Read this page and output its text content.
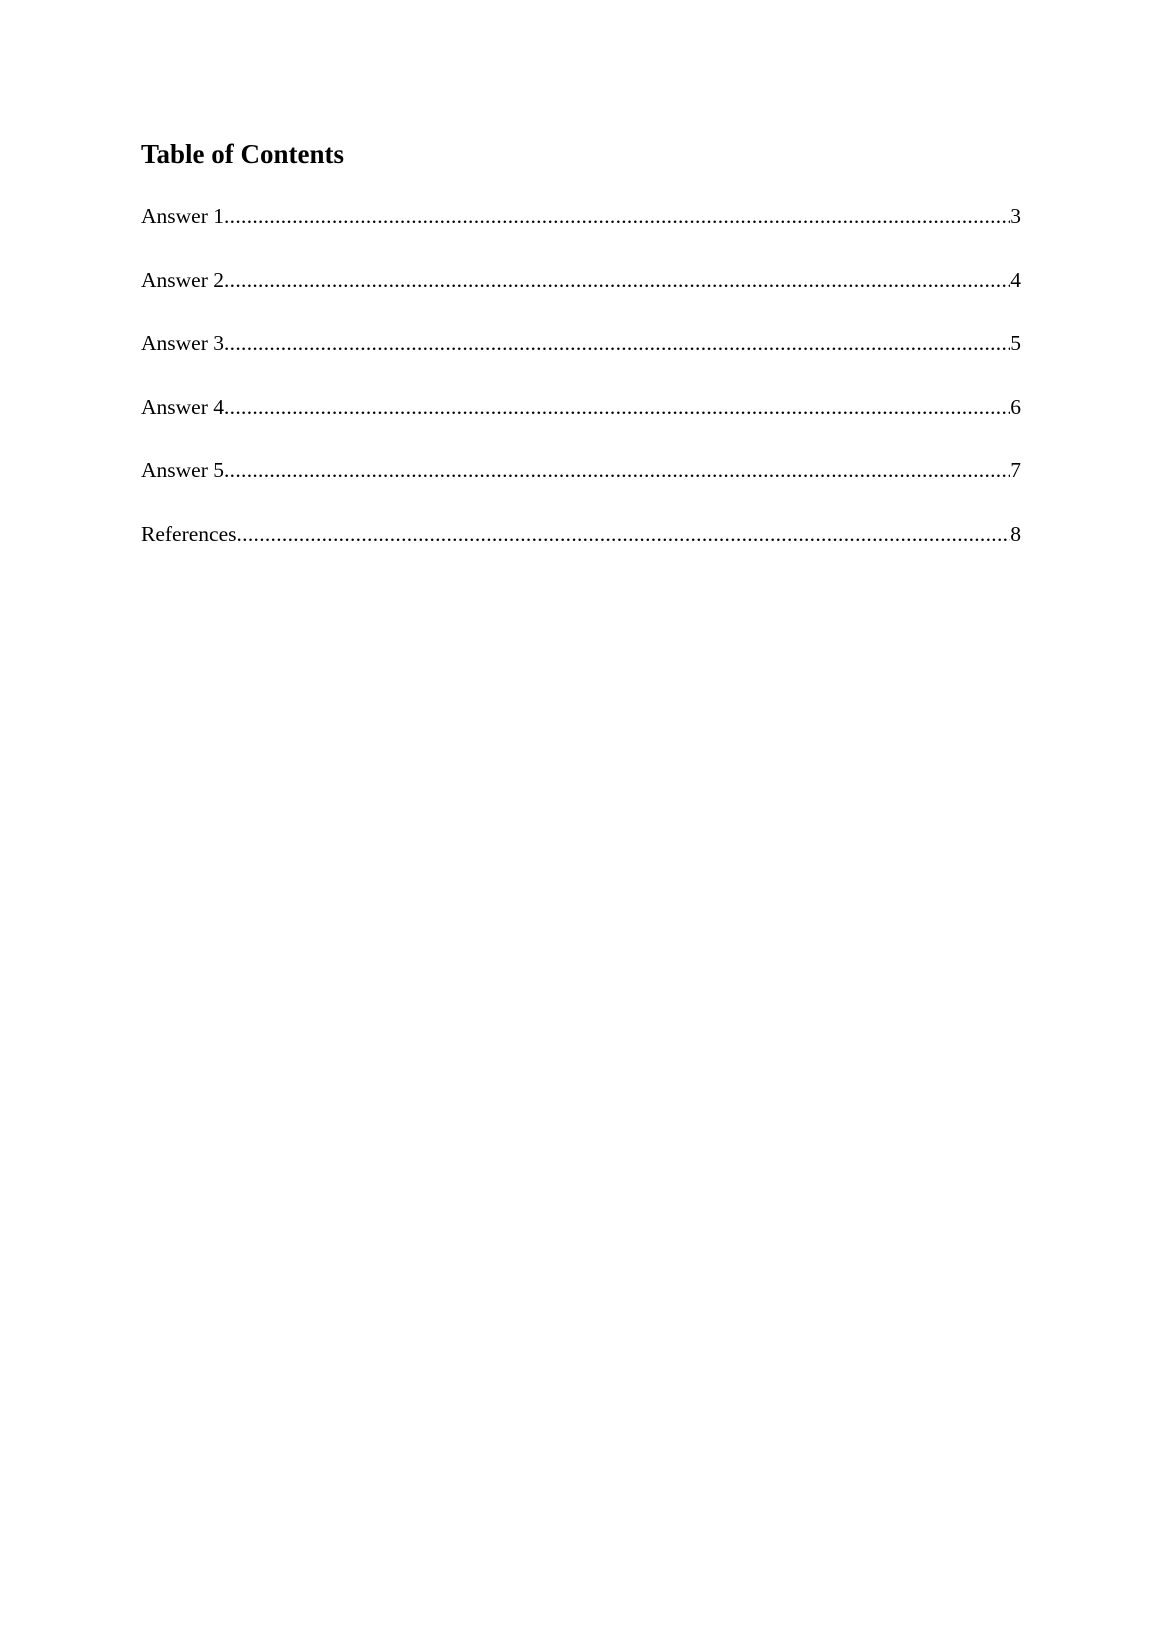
Table of Contents
Answer 1 .....	3
Answer 2 .....	4
Answer 3 .....	5
Answer 4 .....	6
Answer 5 .....	7
References .....	8
